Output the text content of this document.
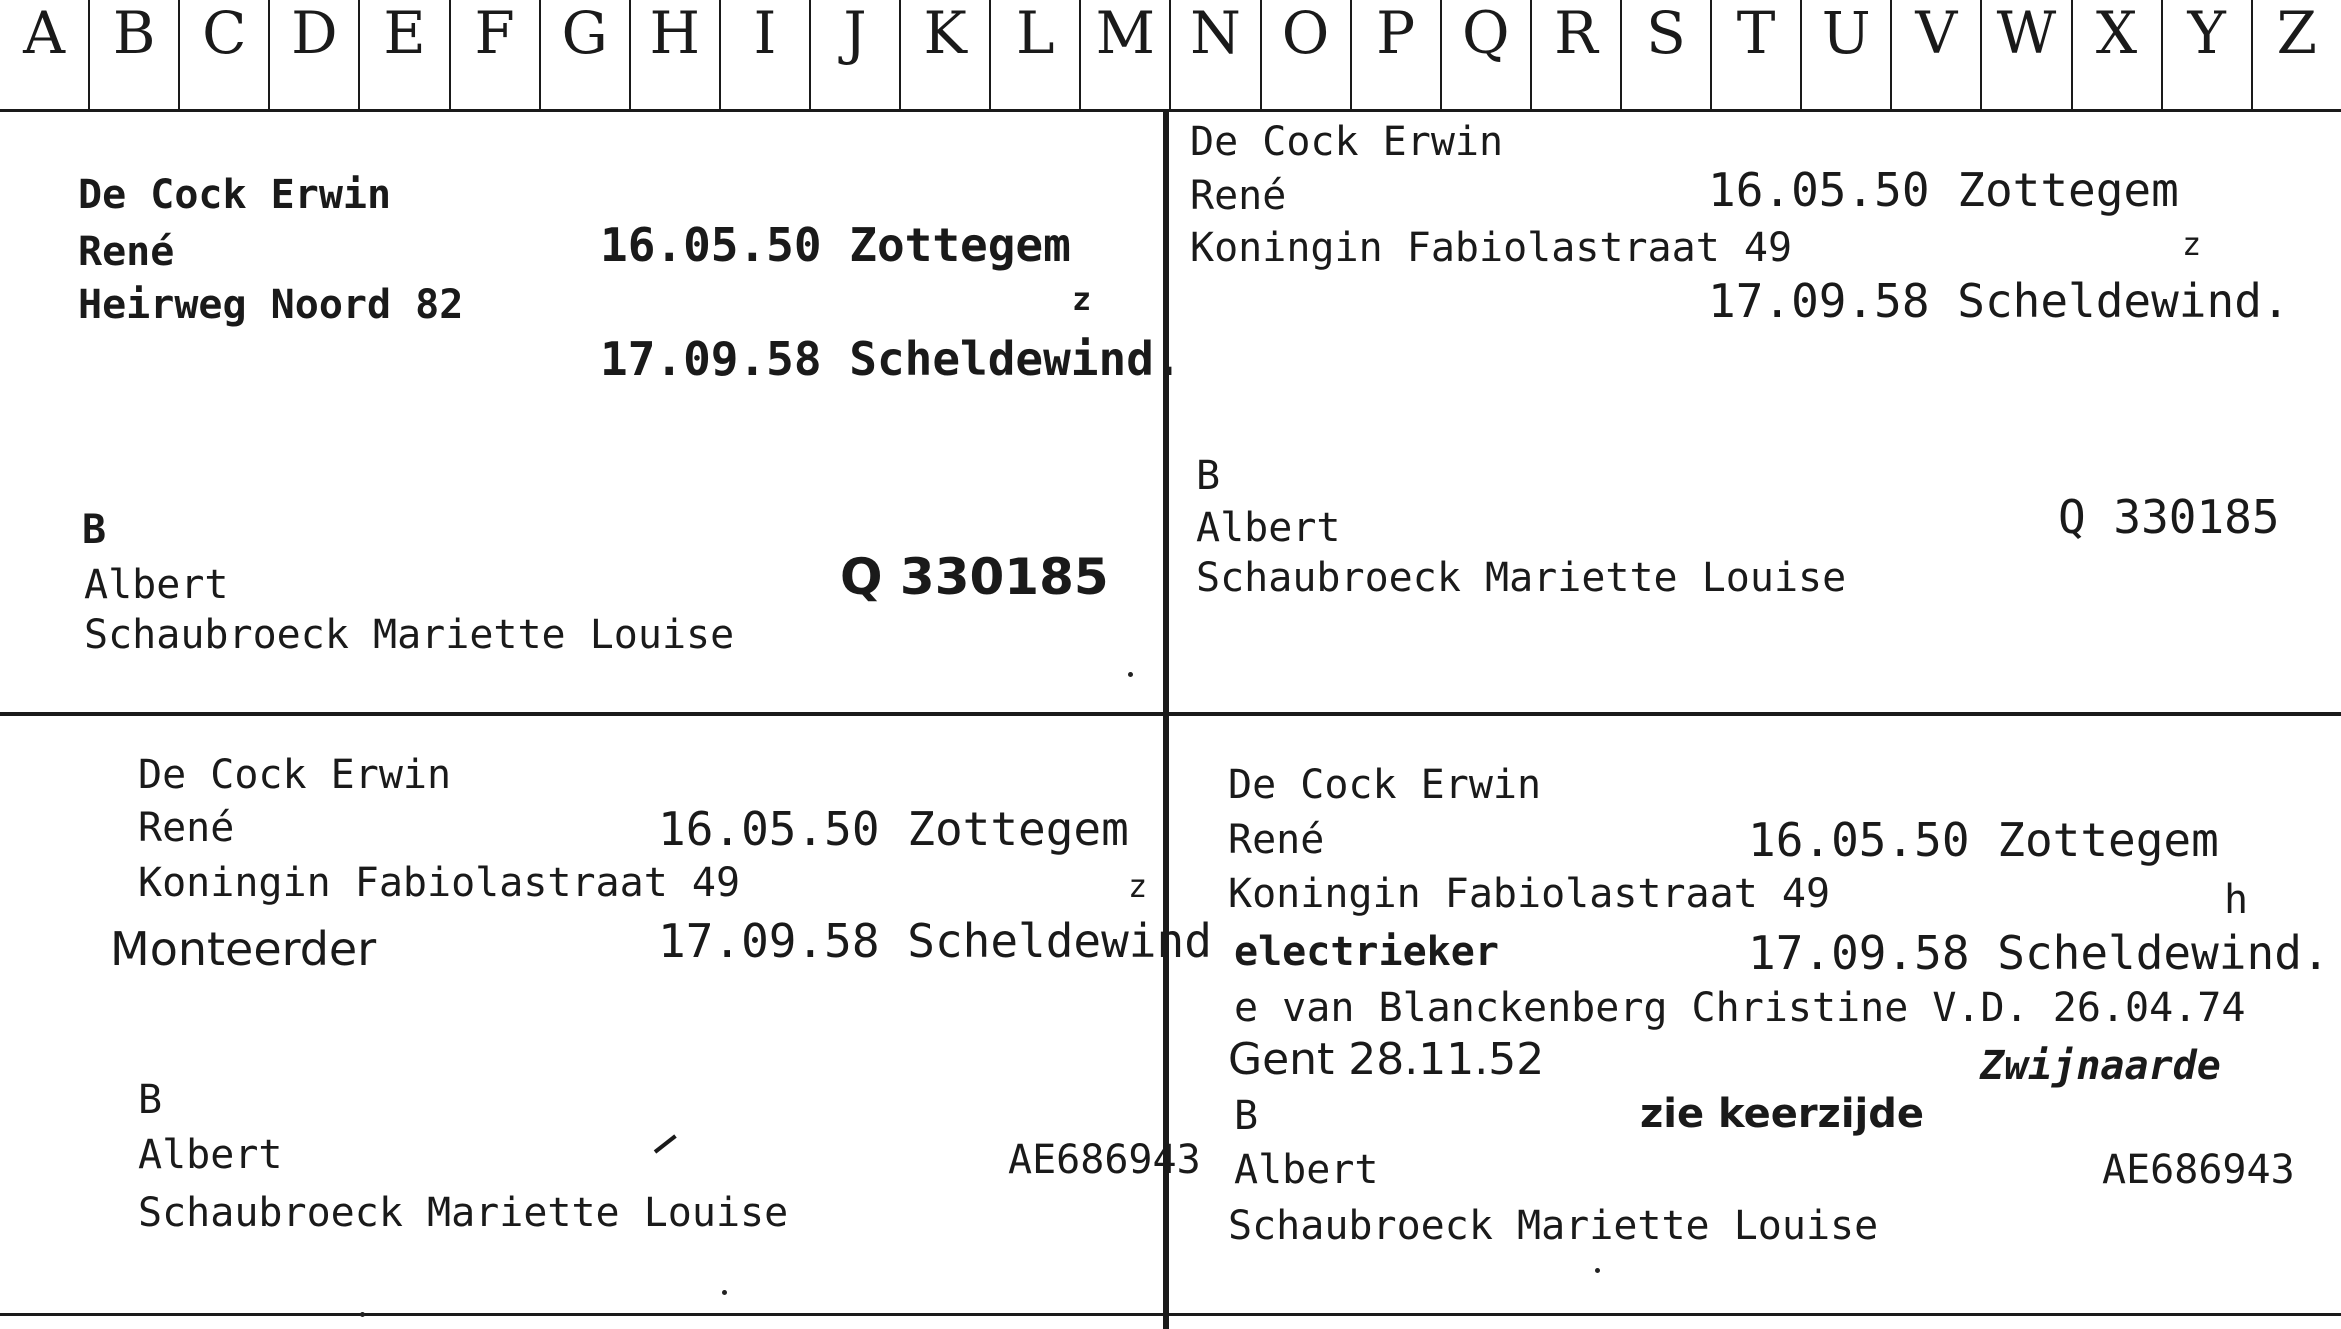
A B C D E F G H I	J K L M N O P Q R S T U V W X Y Z
De Cock Erwin
René	16.05.50 Zottegem
Heirweg Noord 82	z
17.09.58 Scheldewind.
B
Albert	Q 330185
Schaubroeck Mariette Louise
De Cock Erwin
René	16.05.50 Zottegem
Koningin Fabiolastraat 49	z
17.09.58 Scheldewind.
B
Albert	Q 330185
Schaubroeck Mariette Louise
De Cock Erwin
René	16.05.50 Zottegem
Koningin Fabiolastraat 49	z
Monteerder	17.09.58 Scheldewind
B
Albert	AE686943
Schaubroeck Mariette Louise
De Cock Erwin
René	16.05.50 Zottegem
Koningin Fabiolastraat 49	h
electrieker	17.09.58 Scheldewind.
e van Blanckenberg Christine V.D. 26.04.74
Gent 28.11.52	Zwijnaarde
zie keerzijde
B
Albert	AE686943
Schaubroeck Mariette Louise
